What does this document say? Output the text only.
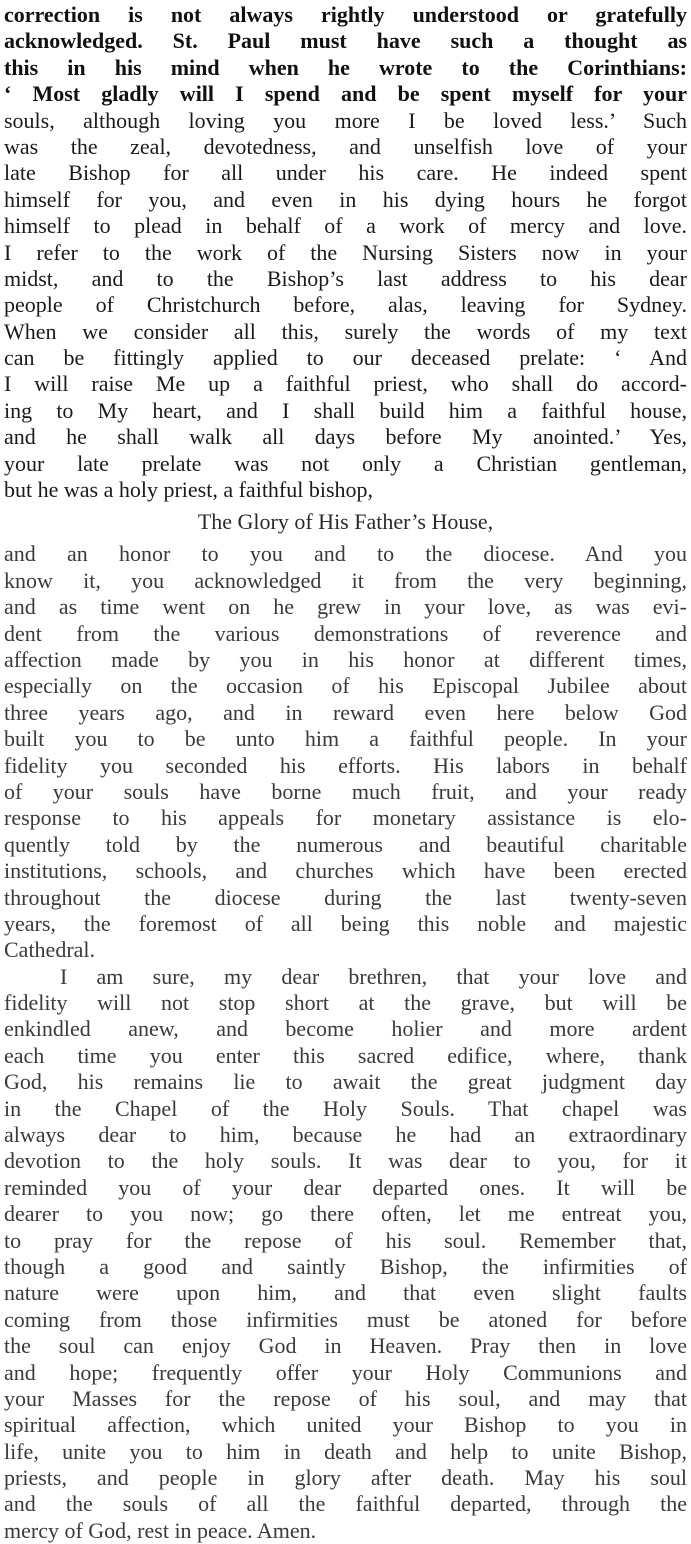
correction is not always rightly understood or gratefully
acknowledged. St. Paul must have such a thought as
this in his mind when he wrote to the Corinthians:
‘ Most gladly will I spend and be spent myself for your
souls, although loving you more I be loved less.’ Such
was the zeal, devotedness, and unselfish love of your
late Bishop for all under his care. He indeed spent
himself for you, and even in his dying hours he forgot
himself to plead in behalf of a work of mercy and love.
I refer to the work of the Nursing Sisters now in your
midst, and to the Bishop’s last address to his dear
people of Christchurch before, alas, leaving for Sydney.
When we consider all this, surely the words of my text
can be fittingly applied to our deceased prelate: ‘ And
I will raise Me up a faithful priest, who shall do accord-
ing to My heart, and I shall build him a faithful house,
and he shall walk all days before My anointed.’ Yes,
your late prelate was not only a Christian gentleman,
but he was a holy priest, a faithful bishop,
The Glory of His Father’s House,
and an honor to you and to the diocese. And you
know it, you acknowledged it from the very beginning,
and as time went on he grew in your love, as was evi-
dent from the various demonstrations of reverence and
affection made by you in his honor at different times,
especially on the occasion of his Episcopal Jubilee about
three years ago, and in reward even here below God
built you to be unto him a faithful people. In your
fidelity you seconded his efforts. His labors in behalf
of your souls have borne much fruit, and your ready
response to his appeals for monetary assistance is elo-
quently told by the numerous and beautiful charitable
institutions, schools, and churches which have been erected
throughout the diocese during the last twenty-seven
years, the foremost of all being this noble and majestic
Cathedral.
I am sure, my dear brethren, that your love and
fidelity will not stop short at the grave, but will be
enkindled anew, and become holier and more ardent
each time you enter this sacred edifice, where, thank
God, his remains lie to await the great judgment day
in the Chapel of the Holy Souls. That chapel was
always dear to him, because he had an extraordinary
devotion to the holy souls. It was dear to you, for it
reminded you of your dear departed ones. It will be
dearer to you now; go there often, let me entreat you,
to pray for the repose of his soul. Remember that,
though a good and saintly Bishop, the infirmities of
nature were upon him, and that even slight faults
coming from those infirmities must be atoned for before
the soul can enjoy God in Heaven. Pray then in love
and hope; frequently offer your Holy Communions and
your Masses for the repose of his soul, and may that
spiritual affection, which united your Bishop to you in
life, unite you to him in death and help to unite Bishop,
priests, and people in glory after death. May his soul
and the souls of all the faithful departed, through the
mercy of God, rest in peace. Amen.
